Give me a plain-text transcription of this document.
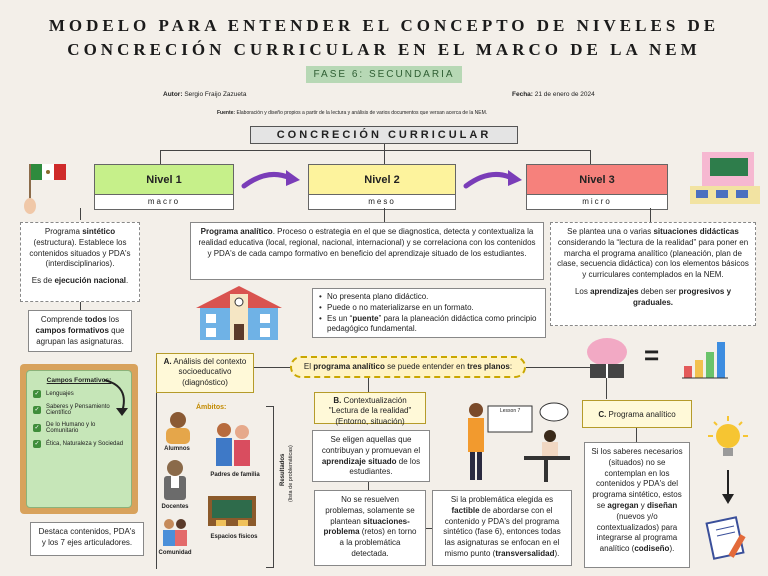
MODELO PARA ENTENDER EL CONCEPTO DE NIVELES DE
CONCRECIÓN CURRICULAR EN EL MARCO DE LA NEM
FASE 6: SECUNDARIA
Autor: Sergio Fraijo Zazueta	Fecha: 21 de enero de 2024
Fuente: Elaboración y diseño propios a partir de la lectura y análisis de varios documentos que versan acerca de la NEM.
CONCRECIÓN CURRICULAR
Nivel 1
macro
Nivel 2
meso
Nivel 3
micro
Programa sintético (estructura). Establece los contenidos situados y PDA's (interdisciplinarios).
Es de ejecución nacional.
Comprende todos los campos formativos que agrupan las asignaturas.
Campos Formativos:
✓ Lenguajes
✓ Saberes y Pensamiento Científico
✓ De lo Humano y lo Comunitario
✓ Ética, Naturaleza y Sociedad
Destaca contenidos, PDA's y los 7 ejes articuladores.
Programa analítico. Proceso o estrategia en el que se diagnostica, detecta y contextualiza la realidad educativa (local, regional, nacional, internacional) y se correlaciona con los contenidos y PDA's de cada campo formativo en beneficio del aprendizaje situado de los estudiantes.
• No presenta plano didáctico.
• Puede o no materializarse en un formato.
• Es un “puente” para la planeación didáctica como principio pedagógico fundamental.
El programa analítico se puede entender en tres planos:
A. Análisis del contexto socioeducativo (diagnóstico)
B. Contextualización "Lectura de la realidad" (Entorno, situación)
C. Programa analítico
Ámbitos:
Alumnos
Padres de familia
Docentes
Espacios físicos
Comunidad
Resultados (lista de problemáticas)
Lesson 7
Se eligen aquellas que contribuyan y promuevan el aprendizaje situado de los estudiantes.
No se resuelven problemas, solamente se plantean situaciones-problema (retos) en torno a la problemática detectada.
Si la problemática elegida es factible de abordarse con el contenido y PDA's del programa sintético (fase 6), entonces todas las asignaturas se enfocan en el mismo punto (transversalidad).
Si los saberes necesarios (situados) no se contemplan en los contenidos y PDA's del programa sintético, estos se agregan y diseñan (nuevos y/o contextualizados) para integrarse al programa analítico (codiseño).
Se plantea una o varias situaciones didácticas considerando la “lectura de la realidad” para poner en marcha el programa analítico (planeación, plan de clase, secuencia didáctica) con los elementos básicos y curriculares contemplados en la NEM.
Los aprendizajes deben ser progresivos y graduales.
=
